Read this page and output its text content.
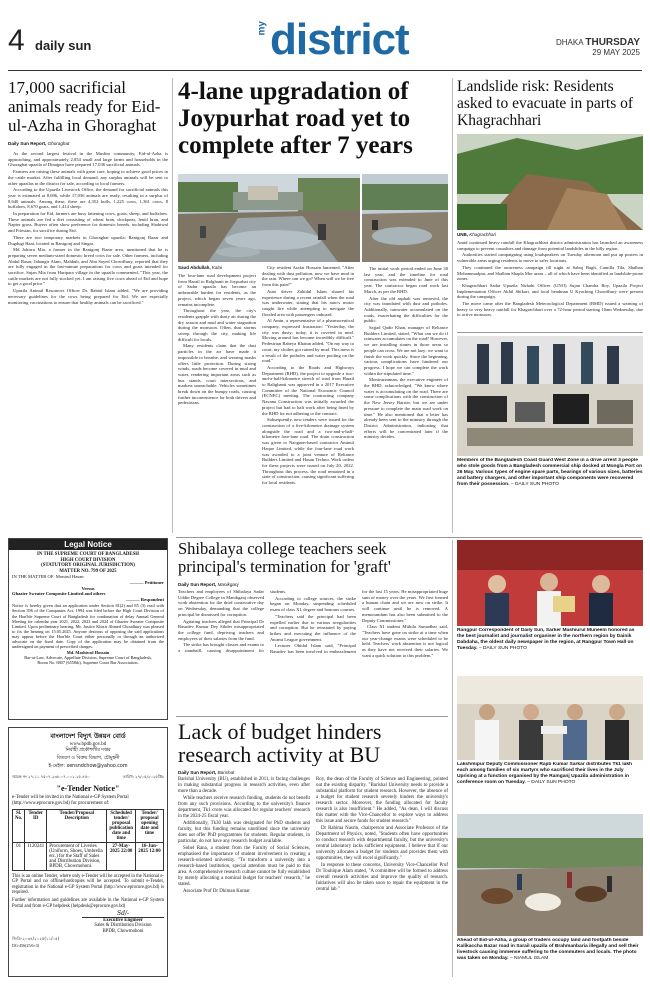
4 daily sun
my district	DHAKA THURSDAY
29 MAY 2025
17,000 sacrificial animals ready for Eid-ul-Azha in Ghoraghat
Daily Sun Report, Ghoraghat

As the second largest festival in the Muslim community, Eid-ul-Azha is approaching, and approximately 2,054 small and large farms and households in the Ghoraghat upazila of Dinajpur have prepared 17,036 sacrificial animals.

Farmers are raising these animals with great care, hoping to achieve good prices in the cattle market. After fulfilling local demand, any surplus animals will be sent to other upazilas in the district for sale, according to local farmers.

According to the Upazila Livestock Office, the demand for sacrificial animals this year is estimated at 8,696, while 17,036 animals are ready, resulting in a surplus of 8,640 animals. Among these, there are 4,352 bulls, 1,225 cows, 1,361 cows, 8 buffaloes, 8,670 goats, and 1,414 sheep.

In preparation for Eid, farmers are busy fattening cows, goats, sheep, and buffaloes. These animals are fed a diet consisting of wheat bran, chickpeas, lentil bran, and Napier grass. Buyers often show preference for domestic breeds, including Shahiwal and Friesian, for sacrifice during Eid.

There are two temporary markets in Ghoraghat upazila: Ranigonj Bazar and Dugdugi Haat, located in Ranigonj and Singra.

Md Johirru Mia, a farmer in the Ranigonj Bazar area, mentioned that he is preparing seven medium-sized domestic breed cows for sale. Other farmers, including Abdul Basar, Jahangir Alam, Mahbub, and Abu Sayed Chowdhury, reported that they are fully engaged in the last-minute preparations for cows and goats intended for sacrifice. Sujan Mia from Haripara village in the upazila commented, "This year, the cattle markets are not fully stocked yet. I am raising five cows ahead of Eid and hope to get a good price."

Upazila Animal Resources Officer Dr. Rabiul Islam added, "We are providing necessary guidelines for the cows being prepared for Eid. We are especially monitoring vaccinations to ensure that healthy animals can be sacrificed."

Legal Notice
IN THE SUPREME COURT OF BANGLADESH
HIGH COURT DIVISION
(STATUTORY ORIGINAL JURISDICTION)
MATTER NO. 799 OF 2025
IN THE MATTER OF: Monirul Hasan
——— Petitioner
Versus
Ghazier Sweater Composite Limited and others
——— Respondent
Notice is hereby given that an application under Section 81(2) and 85 (3) read with Section 396 of the Companies Act, 1994 was filed before the High Court Division of the Hon'ble Supreme Court of Bangladesh for condonation of delay Annual General Meeting for calendar year 2021, 2022, 2023 and 2024 of Ghazier Sweater Composite Limited. Upon preliminary hearing, Mr. Justice Khizir Ahmed Choudhury was pleased to fix the hearing on 15.05.2025. Anyone desirous of opposing the said applications may appear before the Hon'ble Court either personally or through an authorized advocate on the fixed date. Copy of the application may be obtained from the undersigned on payment of prescribed charges.
Md. Mashiwul Hossain
Bar-at-Law, Advocate, Appellate Division, Supreme Court of Bangladesh,
Room No. 6807 (6558th), Supreme Court Bar Association.
বাংলাদেশ বিদ্যুৎ উন্নয়ন বোর্ড
www.bpdb.gov.bd
নির্বাহী প্রকৌশলীর দপ্তর
বিতরণ ও বিক্রয় বিভাগ, চৌমুহনী
ই-মেইল: xensndchow@yahoo.com
স্মারক নং ২৭.১১.৭৫০৭.২৩৮.০৭.০০২.২৫.৪৫০	তারিখ: ২৭/০৫/২০২৫খ্রিঃ
"e-Tender Notice"
e-Tender will be invited in the National e-GP System Portal (http://www.eprocure.gov.bd) for procurement of:
Sl. No.	Tender ID	Tender/Proposal Description	Scheduled tender/ proposal publication date and time	Tender/ proposal opening date and time
01	1120241	Procurement of Liveries (Uniform, Shoes, Umbrella etc.) for the Staff of Sales and Distribution Division, BPDB, Chowmohoni.	27-May-2025 22:00	16-Jun-2025 12:00
This is an online Tender, where only e-Tender will be accepted in the National e-GP Portal and no offline/hardcopies will be accepted. To submit e-Tender, registration in the National e-GP System Portal (http://www.eprocure.gov.bd) is required.
Further information and guidelines are available in the National e-GP System Portal and from e-GP helpdesk (helpdesk@eprocure.gov.bd)
Sd/-
Executive Engineer
Sales & Distribution Division
BPDB, Chowmohoni
জিডি-২০৩৪/২০২৫(১১/০৫)
DG-456(25/6×3)
4-lane upgradation of Joypurhat road yet to complete after 7 years
Saud Abdullah, Kalai

The four-lane road development project from Harail to Ralghanti in Joypurhat city of Sadar upazila has become an unbearable burden for residents, as the project, which began seven years ago, remains incomplete.

Throughout the year, the city's residents grapple with dusty air during the dry season and mud and water stagnation during the monsoon. Often, dust storms sweep through the city, making life difficult for locals.

Many residents claim that the dust particles in the air have made it impossible to breathe, and wearing masks offers little protection. During strong winds, roads become covered in mud and water, rendering important areas such as bus stands, court intersections, and markets unreachable. Vehicles sometimes break down on the bumpy roads, causing further inconvenience for both drivers and pedestrians.

City resident Arafat Hossain lamented, "After dealing with dust pollution, now we have mud in the rain. Where can we go? When will we be free from this pain?"

Auto driver Zahidul Islam shared his experience during a recent rainfall when the road was underwater, stating that his auto's motor caught fire while attempting to navigate the flooded area with passengers onboard.

Al Amin, a representative of a pharmaceutical company, expressed frustration: "Yesterday, the city was dusty; today, it is covered in mud. Moving around has become incredibly difficult." Pedestrian Rabeya Khatun added, "On my way to court, my clothes got ruined by mud. This mess is a result of the potholes and water pooling on the road."

According to the Roads and Highways Department (RHD), the project to upgrade a two-and-a-half-kilometre stretch of road from Harail to Ralighanti was approved in a 2017 Executive Committee of the National Economic Council (ECNEC) meeting. The contracting company Navana Construction was initially awarded the project but had to halt work after being fined by the RHD for not adhering to the contract.

Subsequently, new tenders were issued for the construction of a five-kilometre drainage system alongside the road and a two-and-a-half-kilometre four-lane road. The drain construction was given to Naogaon-based contractor Aminul Haque Limited, while the four-lane road work was awarded to a joint venture of Reliance Builders Limited and Hasan Techno. Work orders for these projects were issued on July 20, 2022. Throughout this process, the road remained in a state of construction, causing significant suffering for local residents.

The initial work period ended on June 30 last year, and the timeline for road construction was extended to June of this year. The contractor began road work last March, as per the RHD.

After the old asphalt was removed, the city was inundated with dust and potholes. Additionally, rainwater accumulated on the roads, exacerbating the difficulties for the public.

Sajjad Qadir Khan, manager of Reliance Builders Limited, stated, "What can we do if rainwater accumulates on the road? However, we are installing stones in those areas so people can cross. We are not lazy; we want to finish the work quickly. Since the beginning, various complications have hindered our progress. I hope we can complete the work within the stipulated time."

Moniruzzaman, the executive engineer of the RHD, acknowledged, "We know where water is accumulating on the road. There are some complications with the construction of the New Jersey Barrier, but we are under pressure to complete the main road work on time." He also mentioned that a letter has already been sent to the ministry through the District Administration, indicating that efforts will be concentrated later if the ministry decides.

Landslide risk: Residents asked to evacuate in parts of Khagrachhari
UNB, Khagrachhari

Amid continued heavy rainfall the Khagrachhari district administration has launched an awareness campaign to prevent casualties and damage from potential landslides in the hilly region.

Authorities started campaigning using loudspeakers on Tuesday afternoon and put up posters in vulnerable areas urging residents to move to safer locations.

They continued the awareness campaign till night at Sabuj Bagh, Camilla Tila, Shalban Mohammadpur, and Shalban Shapla Mor areas – all of which have been identified as landslide-prone zones.

Khagrachhari Sadar Upazila Nirbahi Officer (UNO) Sujan Chandra Roy, Upazila Project Implementation Officer Akhil Shikari, and local headman U Kyaching Chowdhury were present during the campaign.

The move came after the Bangladesh Meteorological Department (BMD) issued a warning of heavy to very heavy rainfall for Khagrachhari over a 72-hour period starting 10am Wednesday, due to active monsoon.

Members of the Bangladesh Coast Guard West Zone in a drive arrest 3 people who stole goods from a Bangladesh commercial ship docked at Mongla Port on 26 May. Various types of engine spare parts, bearings of various sizes, batteries and battery chargers, and other important ship components were recovered from their possession. – DAILY SUN PHOTO
Shibalaya college teachers seek principal's termination for 'graft'
Daily Sun Report, Manikganj

Teachers and employees of Shibalaya Sadar Uddin Degree College in Manikganj observed work abstention for the third consecutive day on Wednesday, demanding that the college principal be dismissed for corruption.

Agitating teachers alleged that Principal Dr Basudev Kumar Dey Sikder misappropriated the college fund, depriving teachers and employees of their salaries from the fund.

The strike has brought classes and exams to a standstill, causing disappointment for students.

According to college sources, the strike began on Monday, suspending scheduled exam of class XI, degree and honours courses.

"Teachers said the principal had been expelled earlier due to various irregularities and corruption. But he reinstated by paying bribes and executing the influence of the Awami League government.

Lecturer Ohidul Islam said, "Principal Basudev has been involved in embezzlement for the last 15 years. He misappropriated huge sum of money over the years. We first formed a human chain and we are now on strike. It will continue until he is removed. A memorandum has also been submitted to the Deputy Commissioner."

Class XI student Mithila Sumadhar said, "Teachers have gone on strike at a time when our year-change exams were scheduled to be held. Teachers' work abstention is not logical as they have not received their salaries. We want a quick solution to this problem."

Lack of budget hinders research activity at BU
Daily Sun Report, Barishal

Barishal University (BU), established in 2011, is facing challenges in making substantial progress in research activities, even after more than a decade.

While teachers receive research funding, students do not benefit from any such provisions. According to the university's finance department, Tk1 crore was allocated for regular teachers' research in the 2024-25 fiscal year.

Additionally, Tk30 lakh was designated for PhD students and faculty, but this funding remains unutilised since the university does not offer PhD programmes for students. Regular students, in particular, do not have any research budget available.

Sohel Rana, a student from the Faculty of Social Sciences, emphasised the importance of student involvement in creating a research-oriented university. "To transform a university into a research-based institution, special attention must be paid to this area. A comprehensive research culture cannot be fully established by merely allocating a nominal budget for teachers' research," he stated.

Associate Prof Dr Dhiman Kumar

Roy, the dean of the Faculty of Science and Engineering, pointed out the existing disparity. "Barishal University needs to provide a substantial platform for student research. However, the absence of a budget for student research severely hinders the university's research sector. Moreover, the funding allocated for faculty research is also insufficient." He added, "As dean, I will discuss this matter with the Vice-Chancellor to explore ways to address this issue and secure funds for student research."

Dr Rahima Nasrin, chairperson and Associate Professor of the Department of Physics, noted, "Students often have opportunities to conduct research with departmental faculty, but the university's central laboratory lacks sufficient equipment. I believe that if our university allocates a budget for students and provides them with opportunities, they will excel significantly."

In response to these concerns, University Vice-Chancellor Prof Dr Touhique Alam stated, "A committee will be formed to address overall research activities and improve the quality of research. Initiatives will also be taken soon to repair the equipment in the central lab."

Rangpur Correspondent of Daily Sun, Sarker Mashiurul Muneem honored as the best journalist and journalist organiser in the northern region by Dainik Dabdaha, the oldest daily newspaper in the region, at Rangpur Town Hall on Tuesday. – DAILY SUN PHOTO
Lakshmipur Deputy Commissioner Rajib Kumar Sarkar distributes Tk1 lakh each among families of six martyrs who sacrificed their lives in the July Uprising at a function organised by the Ramganj Upazila administration in conference room on Tuesday. – DAILY SUN PHOTO
Ahead of Eid-ul-Azha, a group of traders occupy land and footpath beside Kalikaccha Bazar road in Sarail upazila of Brahmanbaria illegally and sell their livestock causing immense suffering to the commuters and locals. The photo was taken on Monday. – NIAMUL ISLAM
